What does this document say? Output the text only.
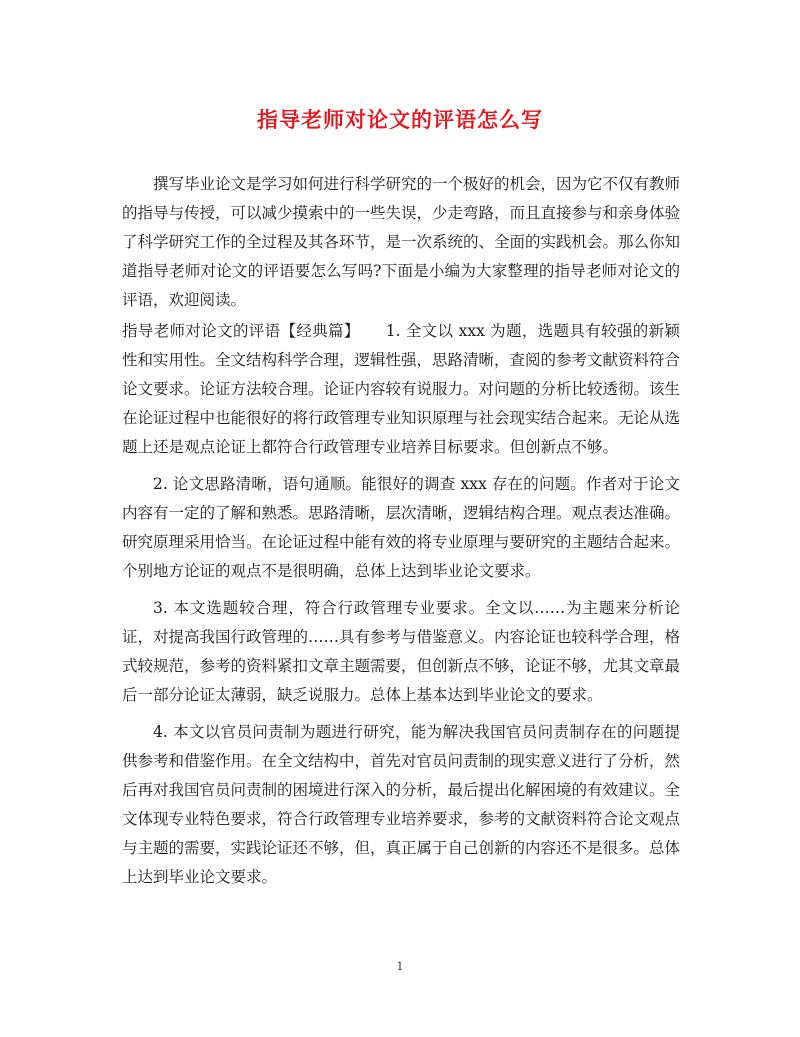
指导老师对论文的评语怎么写

撰写毕业论文是学习如何进行科学研究的一个极好的机会，因为它不仅有教师的指导与传授，可以减少摸索中的一些失误，少走弯路，而且直接参与和亲身体验了科学研究工作的全过程及其各环节，是一次系统的、全面的实践机会。那么你知道指导老师对论文的评语要怎么写吗?下面是小编为大家整理的指导老师对论文的评语，欢迎阅读。

指导老师对论文的评语【经典篇】 1. 全文以 xxx 为题，选题具有较强的新颖性和实用性。全文结构科学合理，逻辑性强，思路清晰，查阅的参考文献资料符合论文要求。论证方法较合理。论证内容较有说服力。对问题的分析比较透彻。该生在论证过程中也能很好的将行政管理专业知识原理与社会现实结合起来。无论从选题上还是观点论证上都符合行政管理专业培养目标要求。但创新点不够。

2. 论文思路清晰，语句通顺。能很好的调查 xxx 存在的问题。作者对于论文内容有一定的了解和熟悉。思路清晰，层次清晰，逻辑结构合理。观点表达准确。研究原理采用恰当。在论证过程中能有效的将专业原理与要研究的主题结合起来。个别地方论证的观点不是很明确，总体上达到毕业论文要求。

3. 本文选题较合理，符合行政管理专业要求。全文以……为主题来分析论证，对提高我国行政管理的……具有参考与借鉴意义。内容论证也较科学合理，格式较规范，参考的资料紧扣文章主题需要，但创新点不够，论证不够，尤其文章最后一部分论证太薄弱，缺乏说服力。总体上基本达到毕业论文的要求。

4. 本文以官员问责制为题进行研究，能为解决我国官员问责制存在的问题提供参考和借鉴作用。在全文结构中，首先对官员问责制的现实意义进行了分析，然后再对我国官员问责制的困境进行深入的分析，最后提出化解困境的有效建议。全文体现专业特色要求，符合行政管理专业培养要求，参考的文献资料符合论文观点与主题的需要，实践论证还不够，但，真正属于自己创新的内容还不是很多。总体上达到毕业论文要求。

1
